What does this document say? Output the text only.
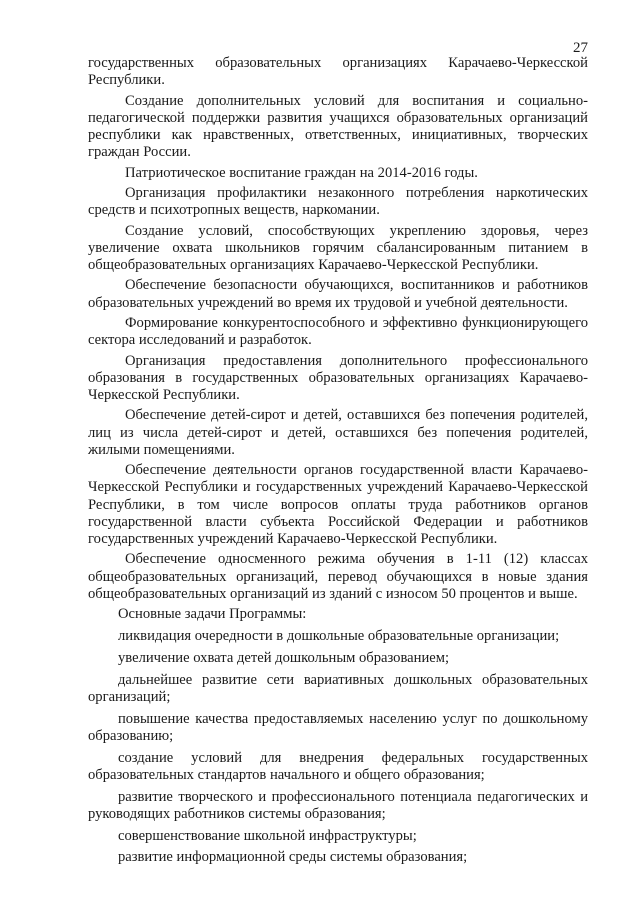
27

государственных образовательных организациях Карачаево-Черкесской Республики.

Создание дополнительных условий для воспитания и социально-педагогической поддержки развития учащихся образовательных организаций республики как нравственных, ответственных, инициативных, творческих граждан России.

Патриотическое воспитание граждан на 2014-2016 годы.

Организация профилактики незаконного потребления наркотических средств и психотропных веществ, наркомании.

Создание условий, способствующих укреплению здоровья, через увеличение охвата школьников горячим сбалансированным питанием в общеобразовательных организациях Карачаево-Черкесской Республики.

Обеспечение безопасности обучающихся, воспитанников и работников образовательных учреждений во время их трудовой и учебной деятельности.

Формирование конкурентоспособного и эффективно функционирующего сектора исследований и разработок.

Организация предоставления дополнительного профессионального образования в государственных образовательных организациях Карачаево-Черкесской Республики.

Обеспечение детей-сирот и детей, оставшихся без попечения родителей, лиц из числа детей-сирот и детей, оставшихся без попечения родителей, жилыми помещениями.

Обеспечение деятельности органов государственной власти Карачаево-Черкесской Республики и государственных учреждений Карачаево-Черкесской Республики, в том числе вопросов оплаты труда работников органов государственной власти субъекта Российской Федерации и работников государственных учреждений Карачаево-Черкесской Республики.

Обеспечение односменного режима обучения в 1-11 (12) классах общеобразовательных организаций, перевод обучающихся в новые здания общеобразовательных организаций из зданий с износом 50 процентов и выше.

Основные задачи Программы:

ликвидация очередности в дошкольные образовательные организации;

увеличение охвата детей дошкольным образованием;

дальнейшее развитие сети вариативных дошкольных образовательных организаций;

повышение качества предоставляемых населению услуг по дошкольному образованию;

создание условий для внедрения федеральных государственных образовательных стандартов начального и общего образования;

развитие творческого и профессионального потенциала педагогических и руководящих работников системы образования;

совершенствование школьной инфраструктуры;

развитие информационной среды системы образования;
